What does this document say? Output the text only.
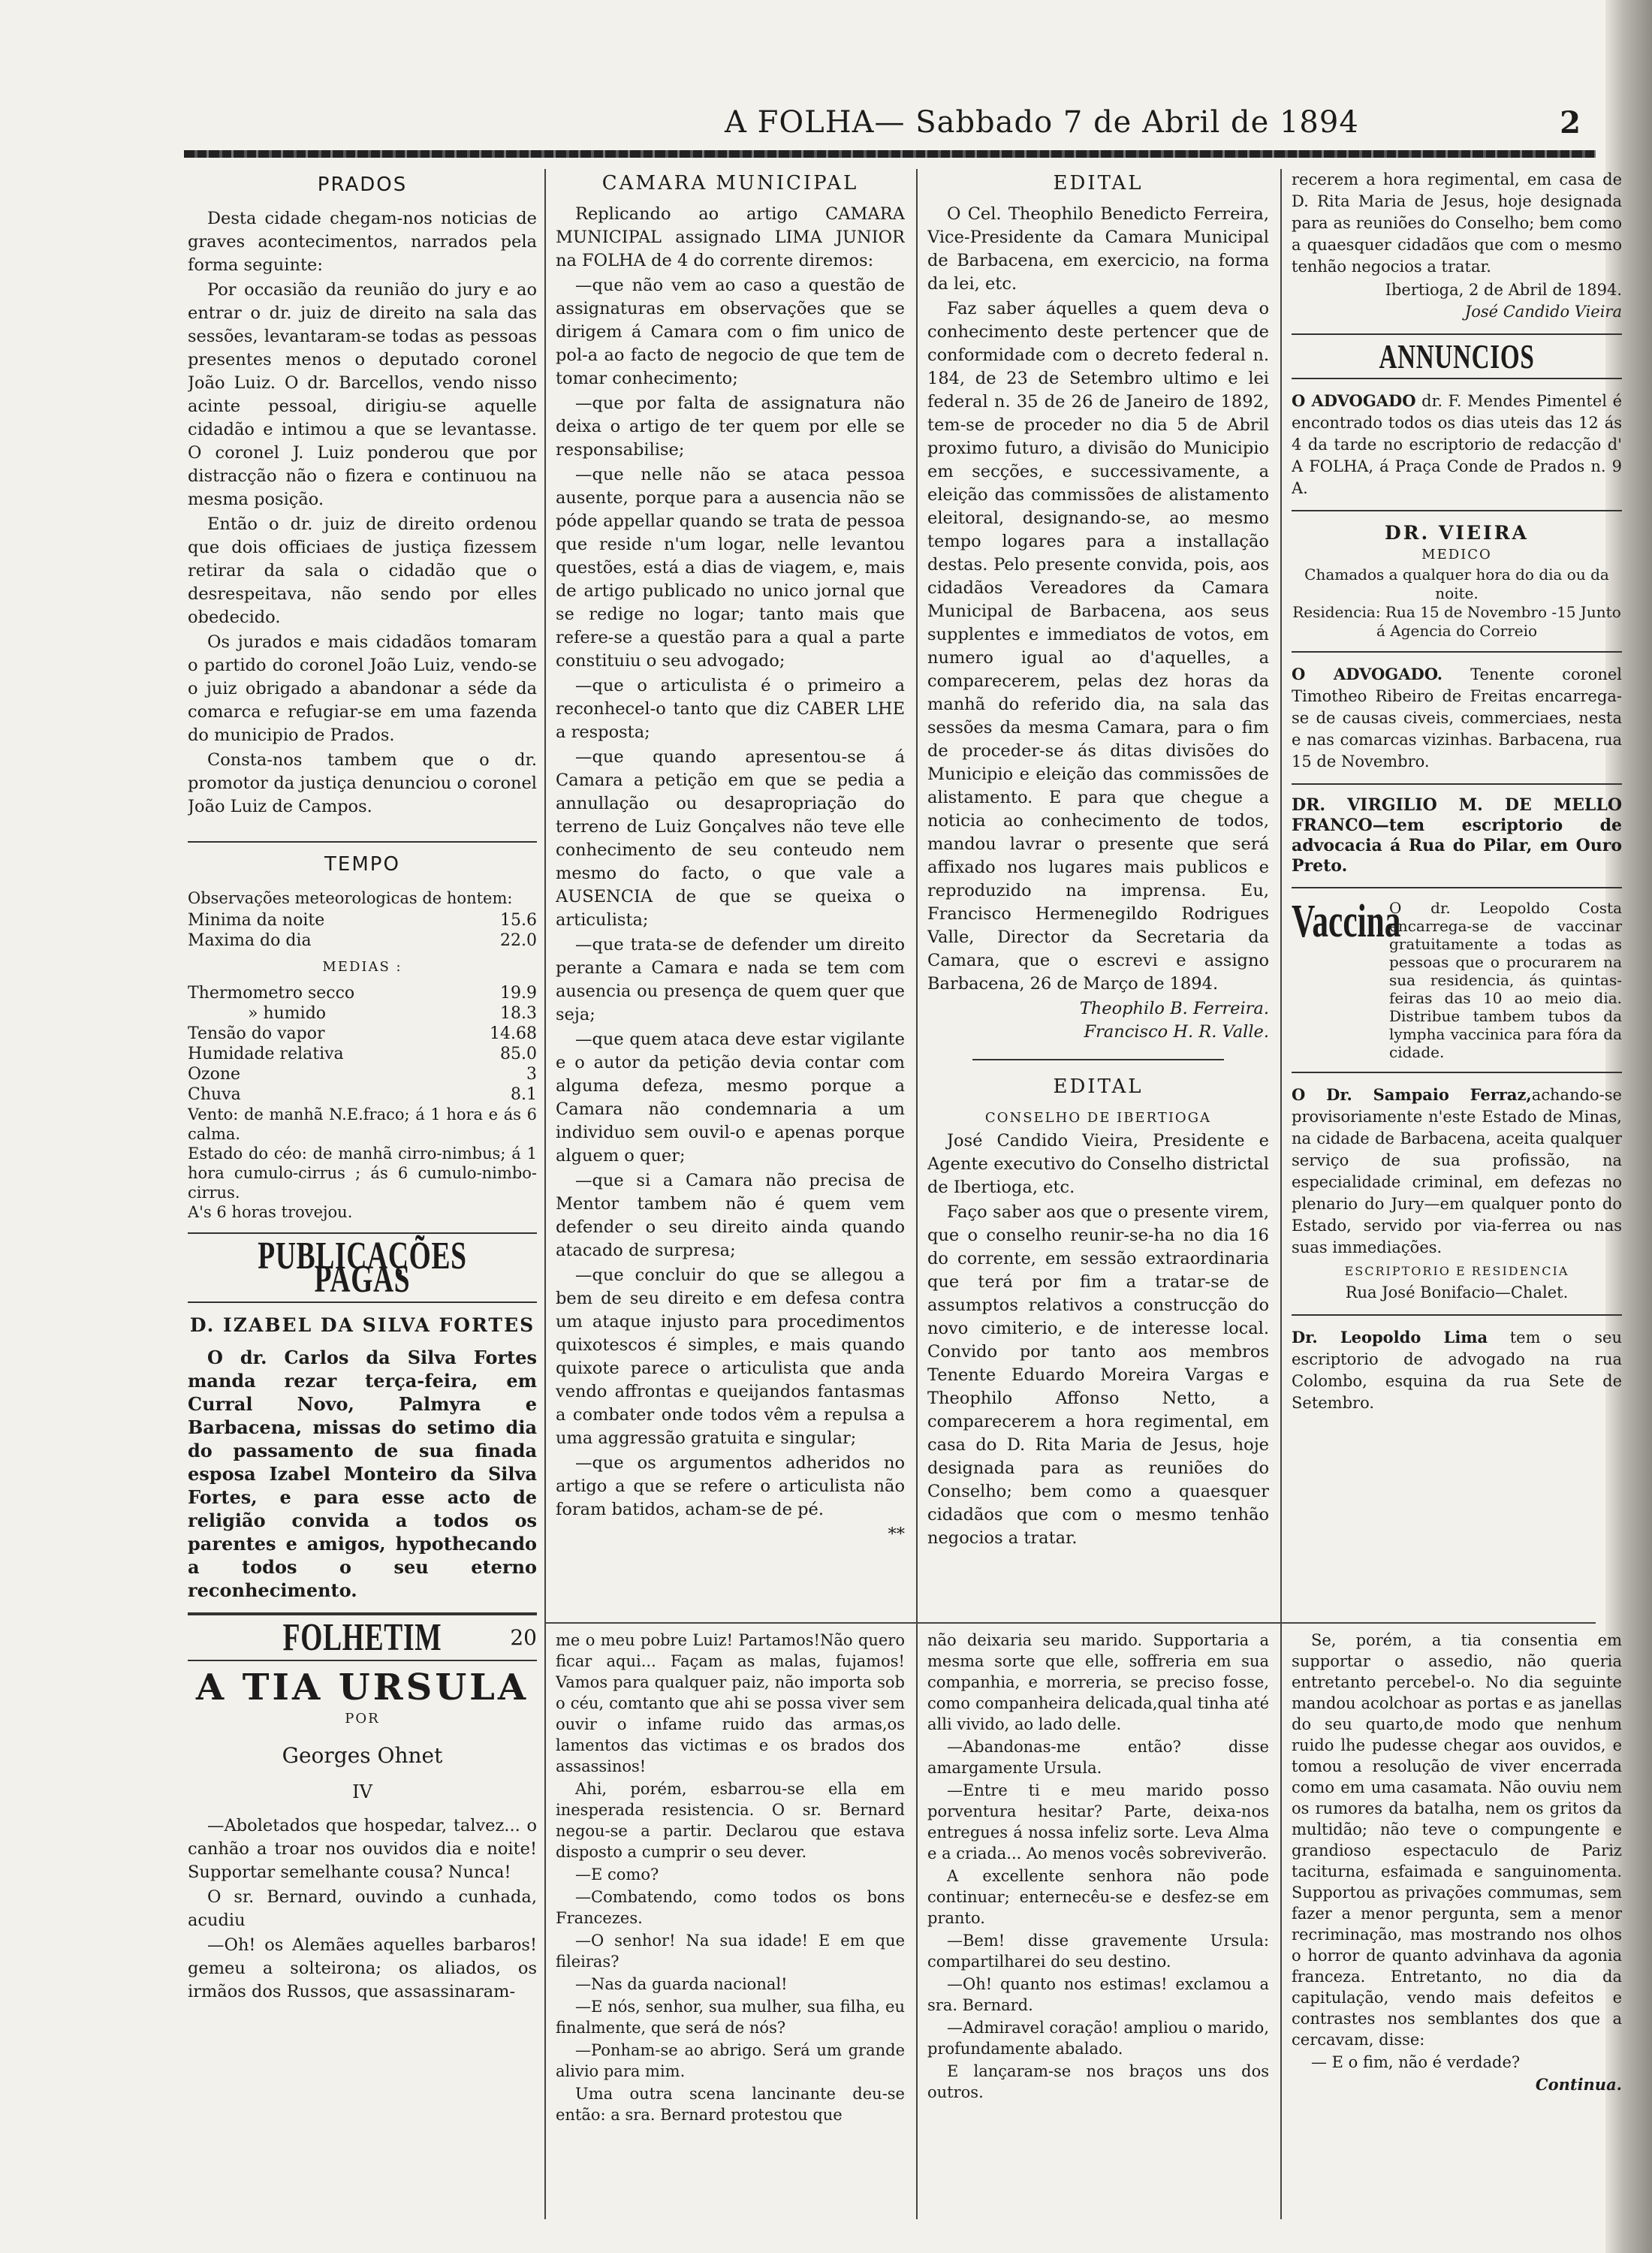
A FOLHA— Sabbado 7 de Abril de 1894	2
PRADOS

Desta cidade chegam-nos noticias de graves acontecimentos, narrados pela forma seguinte:

Por occasião da reunião do jury e ao entrar o dr. juiz de direito na sala das sessões, levantaram-se todas as pessoas presentes menos o deputado coronel João Luiz. O dr. Barcellos, vendo nisso acinte pessoal, dirigiu-se aquelle cidadão e intimou a que se levantasse. O coronel J. Luiz ponderou que por distracção não o fizera e continuou na mesma posição.

Então o dr. juiz de direito ordenou que dois officiaes de justiça fizessem retirar da sala o cidadão que o desrespeitava, não sendo por elles obedecido.

Os jurados e mais cidadãos tomaram o partido do coronel João Luiz, vendo-se o juiz obrigado a abandonar a séde da comarca e refugiar-se em uma fazenda do municipio de Prados.

Consta-nos tambem que o dr. promotor da justiça denunciou o coronel João Luiz de Campos.

TEMPO
Observações meteorologicas de hontem:
Minima da noite	15.6
Maxima do dia	22.0
MEDIAS :
Thermometro secco	19.9
» humido	18.3
Tensão do vapor	14.68
Humidade relativa	85.0
Ozone	3
Chuva	8.1
Vento: de manhã N.E.fraco; á 1 hora e ás 6 calma.
Estado do céo: de manhã cirro-nimbus; á 1 hora cumulo-cirrus ; ás 6 cumulo-nimbo-cirrus.
A's 6 horas trovejou.
PUBLICAÇÕES PAGAS
D. IZABEL DA SILVA FORTES

O dr. Carlos da Silva Fortes manda rezar terça-feira, em Curral Novo, Palmyra e Barbacena, missas do setimo dia do passamento de sua finada esposa Izabel Monteiro da Silva Fortes, e para esse acto de religião convida a todos os parentes e amigos, hypothecando a todos o seu eterno reconhecimento.

FOLHETIM	20
A TIA URSULA
POR
Georges Ohnet
IV

—Aboletados que hospedar, talvez... o canhão a troar nos ouvidos dia e noite! Supportar semelhante cousa? Nunca!

O sr. Bernard, ouvindo a cunhada, acudiu

—Oh! os Alemães aquelles barbaros! gemeu a solteirona; os aliados, os irmãos dos Russos, que assassinaram-

CAMARA MUNICIPAL

Replicando ao artigo CAMARA MUNICIPAL assignado LIMA JUNIOR na FOLHA de 4 do corrente diremos:

—que não vem ao caso a questão de assignaturas em observações que se dirigem á Camara com o fim unico de pol-a ao facto de negocio de que tem de tomar conhecimento;

—que por falta de assignatura não deixa o artigo de ter quem por elle se responsabilise;

—que nelle não se ataca pessoa ausente, porque para a ausencia não se póde appellar quando se trata de pessoa que reside n'um logar, nelle levantou questões, está a dias de viagem, e, mais de artigo publicado no unico jornal que se redige no logar; tanto mais que refere-se a questão para a qual a parte constituiu o seu advogado;

—que o articulista é o primeiro a reconhecel-o tanto que diz CABER LHE a resposta;

—que quando apresentou-se á Camara a petição em que se pedia a annullação ou desapropriação do terreno de Luiz Gonçalves não teve elle conhecimento de seu conteudo nem mesmo do facto, o que vale a AUSENCIA de que se queixa o articulista;

—que trata-se de defender um direito perante a Camara e nada se tem com ausencia ou presença de quem quer que seja;

—que quem ataca deve estar vigilante e o autor da petição devia contar com alguma defeza, mesmo porque a Camara não condemnaria a um individuo sem ouvil-o e apenas porque alguem o quer;

—que si a Camara não precisa de Mentor tambem não é quem vem defender o seu direito ainda quando atacado de surpresa;

—que concluir do que se allegou a bem de seu direito e em defesa contra um ataque injusto para procedimentos quixotescos é simples, e mais quando quixote parece o articulista que anda vendo affrontas e queijandos fantasmas a combater onde todos vêm a repulsa a uma aggressão gratuita e singular;

—que os argumentos adheridos no artigo a que se refere o articulista não foram batidos, acham-se de pé.

**
EDITAL

O Cel. Theophilo Benedicto Ferreira, Vice-Presidente da Camara Municipal de Barbacena, em exercicio, na forma da lei, etc.

Faz saber áquelles a quem deva o conhecimento deste pertencer que de conformidade com o decreto federal n. 184, de 23 de Setembro ultimo e lei federal n. 35 de 26 de Janeiro de 1892, tem-se de proceder no dia 5 de Abril proximo futuro, a divisão do Municipio em secções, e successivamente, a eleição das commissões de alistamento eleitoral, designando-se, ao mesmo tempo logares para a installação destas. Pelo presente convida, pois, aos cidadãos Vereadores da Camara Municipal de Barbacena, aos seus supplentes e immediatos de votos, em numero igual ao d'aquelles, a comparecerem, pelas dez horas da manhã do referido dia, na sala das sessões da mesma Camara, para o fim de proceder-se ás ditas divisões do Municipio e eleição das commissões de alistamento. E para que chegue a noticia ao conhecimento de todos, mandou lavrar o presente que será affixado nos lugares mais publicos e reproduzido na imprensa. Eu, Francisco Hermenegildo Rodrigues Valle, Director da Secretaria da Camara, que o escrevi e assigno Barbacena, 26 de Março de 1894.

Theophilo B. Ferreira.
Francisco H. R. Valle.
EDITAL
CONSELHO DE IBERTIOGA

José Candido Vieira, Presidente e Agente executivo do Conselho districtal de Ibertioga, etc.

Faço saber aos que o presente virem, que o conselho reunir-se-ha no dia 16 do corrente, em sessão extraordinaria que terá por fim a tratar-se de assumptos relativos a construcção do novo cimiterio, e de interesse local. Convido por tanto aos membros Tenente Eduardo Moreira Vargas e Theophilo Affonso Netto, a comparecerem a hora regimental, em casa do D. Rita Maria de Jesus, hoje designada para as reuniões do Conselho; bem como a quaesquer cidadãos que com o mesmo tenhão negocios a tratar.

recerem a hora regimental, em casa de D. Rita Maria de Jesus, hoje designada para as reuniões do Conselho; bem como a quaesquer cidadãos que com o mesmo tenhão negocios a tratar.

Ibertioga, 2 de Abril de 1894.
José Candido Vieira
ANNUNCIOS

O ADVOGADO dr. F. Mendes Pimentel é encontrado todos os dias uteis das 12 ás 4 da tarde no escriptorio de redacção d' A FOLHA, á Praça Conde de Prados n. 9 A.

DR. VIEIRA
MEDICO
Chamados a qualquer hora do dia ou da noite.
Residencia: Rua 15 de Novembro -15 Junto á Agencia do Correio

O ADVOGADO. Tenente coronel Timotheo Ribeiro de Freitas encarrega-se de causas civeis, commerciaes, nesta e nas comarcas vizinhas. Barbacena, rua 15 de Novembro.

DR. VIRGILIO M. DE MELLO FRANCO—tem escriptorio de advocacia á Rua do Pilar, em Ouro Preto.

Vaccina
O dr. Leopoldo Costa encarrega-se de vaccinar gratuitamente a todas as pessoas que o procurarem na sua residencia, ás quintas-feiras das 10 ao meio dia. Distribue tambem tubos da lympha vaccinica para fóra da cidade.

O Dr. Sampaio Ferraz,achando-se provisoriamente n'este Estado de Minas, na cidade de Barbacena, aceita qualquer serviço de sua profissão, na especialidade criminal, em defezas no plenario do Jury—em qualquer ponto do Estado, servido por via-ferrea ou nas suas immediações.

ESCRIPTORIO E RESIDENCIA
Rua José Bonifacio—Chalet.

Dr. Leopoldo Lima tem o seu escriptorio de advogado na rua Colombo, esquina da rua Sete de Setembro.

me o meu pobre Luiz! Partamos!Não quero ficar aqui... Façam as malas, fujamos! Vamos para qualquer paiz, não importa sob o céu, comtanto que ahi se possa viver sem ouvir o infame ruido das armas,os lamentos das victimas e os brados dos assassinos!

Ahi, porém, esbarrou-se ella em inesperada resistencia. O sr. Bernard negou-se a partir. Declarou que estava disposto a cumprir o seu dever.

—E como?

—Combatendo, como todos os bons Francezes.

—O senhor! Na sua idade! E em que fileiras?

—Nas da guarda nacional!

—E nós, senhor, sua mulher, sua filha, eu finalmente, que será de nós?

—Ponham-se ao abrigo. Será um grande alivio para mim.

Uma outra scena lancinante deu-se então: a sra. Bernard protestou que

não deixaria seu marido. Supportaria a mesma sorte que elle, soffreria em sua companhia, e morreria, se preciso fosse, como companheira delicada,qual tinha até alli vivido, ao lado delle.

—Abandonas-me então? disse amargamente Ursula.

—Entre ti e meu marido posso porventura hesitar? Parte, deixa-nos entregues á nossa infeliz sorte. Leva Alma e a criada... Ao menos vocês sobreviverão.

A excellente senhora não pode continuar; enternecêu-se e desfez-se em pranto.

—Bem! disse gravemente Ursula: compartilharei do seu destino.

—Oh! quanto nos estimas! exclamou a sra. Bernard.

—Admiravel coração! ampliou o marido, profundamente abalado.

E lançaram-se nos braços uns dos outros.

Se, porém, a tia consentia em supportar o assedio, não queria entretanto percebel-o. No dia seguinte mandou acolchoar as portas e as janellas do seu quarto,de modo que nenhum ruido lhe pudesse chegar aos ouvidos, e tomou a resolução de viver encerrada como em uma casamata. Não ouviu nem os rumores da batalha, nem os gritos da multidão; não teve o compungente e grandioso espectaculo de Pariz taciturna, esfaimada e sanguinomenta. Supportou as privações commumas, sem fazer a menor pergunta, sem a menor recriminação, mas mostrando nos olhos o horror de quanto advinhava da agonia franceza. Entretanto, no dia da capitulação, vendo mais defeitos e contrastes nos semblantes dos que a cercavam, disse:

— E o fim, não é verdade?

Continua.
